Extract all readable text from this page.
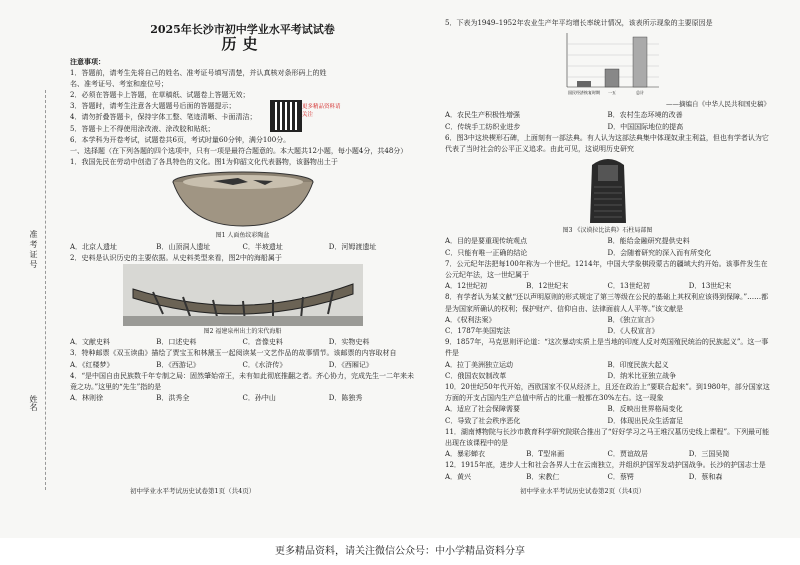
准考证号
姓名
2025年长沙市初中学业水平考试试卷
历史
注意事项：
1．答题前，请考生先将自己的姓名、准考证号填写清楚，并认真核对条形码上的姓名、准考证号、考室和座位号；
2．必须在答题卡上答题，在草稿纸、试题卷上答题无效；
3．答题时，请考生注意各大题题号后面的答题提示；
4．请勿折叠答题卡，保持字体工整、笔迹清晰、卡面清洁；
5．答题卡上不得使用涂改液、涂改胶和贴纸；
6．本学科为开卷考试，试题卷共6页，考试时量60分钟，满分100分。
一、选择题（在下列各题的四个选项中，只有一项是最符合题意的。本大题共12小题，每小题4分，共48分）
1．我国先民在劳动中创造了各具特色的文化。图1为仰韶文化代表器物，该器物出土于
图1 人面鱼纹彩陶盆
A．北京人遗址	B．山顶洞人遗址	C．半坡遗址	D．河姆渡遗址
2．史料是认识历史的主要依据。从史料类型来看，图2中的海船属于
图2 福建泉州出土的宋代海船
A．文献史料	B．口述史料	C．音像史料	D．实物史料
3．特种邮票《双玉读曲》描绘了贾宝玉和林黛玉一起阅读某一文艺作品的故事情节。该邮票的内容取材自
A．《红楼梦》	B．《西游记》	C．《水浒传》	D．《西厢记》
4．“是中国自由民族数千年专制之局：固然肇始帝王，未有如此彻底推翻之者。齐心协力，完成先生一二年来未竟之功。”这里的“先生”指的是
A．林则徐	B．洪秀全	C．孙中山	D．陈独秀
更多精品资料请关注
5．下表为1949–1952年农业生产年平均增长率统计情况，该表所示现象的主要原因是
国民经济恢复时期 一五	总计
——摘编自《中华人民共和国史稿》
A．农民生产积极性增强	B．农村生态环境的改善
C．传统手工纺织业进步	D．中国国际地位的提高
6．图3中这块楔形石碑，上面刻有一部法典。有人认为这部法典集中体现奴隶主利益，但也有学者认为它代表了当时社会的公平正义追求。由此可见，这说明历史研究
图3 《汉谟拉比法典》石柱局部图
A．目的是要重现传统观点	B．能给金融研究提供史料
C．只能有唯一正确的结论	D．会随着研究的深入而有所变化
7．公元纪年法把每100年称为一个世纪。1214年，中国大学象棋段蒙古的疆域大约开始。该事件发生在公元纪年法，这一世纪属于
A．12世纪初	B．12世纪末	C．13世纪初	D．13世纪末
8．有学者认为某文献“还以声明原则的形式规定了第三等级在公民的基础上其权利应该得到保障。”……都是为国家所确认的权利；保护财产、信仰自由、法律面前人人平等。”该文献是
A．《权利法案》	B．《独立宣言》
C．1787年美国宪法	D．《人权宣言》
9．1857年，马克思则评论道：“这次暴动实质上是当地的印度人反对英国殖民统治的民族起义”。这一事件是
A．拉丁美洲独立运动	B．印度民族大起义
C．俄国农奴制改革	D．纳米比亚独立战争
10．20世纪50年代开始，西欧国家不仅从经济上，且还在政治上“要联合起来”。到1980年，部分国家这方面的开支占国内生产总值中所占的比重一般都在30%左右。这一现象
A．适应了社会保障需要	B．反映出世界格局变化
C．导致了社会秩序恶化	D．体现出民众生活富足
11．湖南博物院与长沙市教育科学研究院联合推出了“好好学习之马王堆汉墓历史线上课程”。下列最可能出现在该课程中的是
A．暴彩蝉衣	B．T型帛画	C．贾谊故居	D．三国吴简
12．1915年底，进步人士和社会各界人士在云南独立，并组织护国军发动护国战争。长沙的护国志士是
A．黄兴	B．宋教仁	C．蔡锷	D．蔡和森
初中学业水平考试历史试卷第1页（共4页）	初中学业水平考试历史试卷第2页（共4页）
更多精品资料，请关注微信公众号：中小学精品资料分享
